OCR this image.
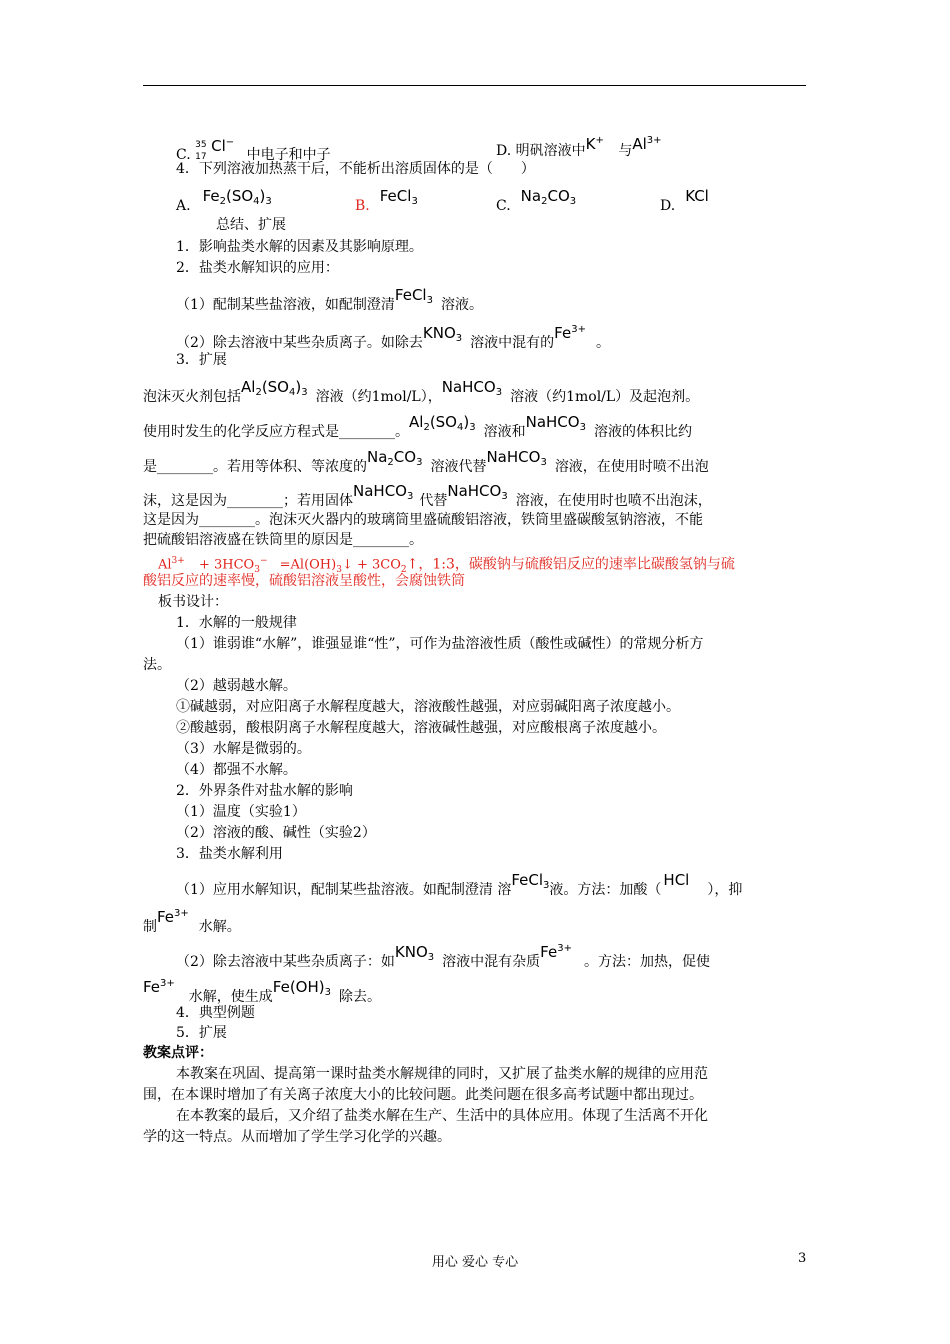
C.
35
17
Cl− 中电子和中子	D. 明矾溶液中K+ 与$Al^{3+}$
4．下列溶液加热蒸干后，不能析出溶质固体的是（　　）
$A.Fe_2(SO_4)_3$	B.FeCl$_3$	$C.Na_2CO_3$	D.KCl
总结、扩展
1．影响盐类水解的因素及其影响原理。
2．盐类水解知识的应用：
（1）配制某些盐溶液，如配制澄清FeCl$_3$ 溶液。
（2）除去溶液中某些杂质离子。如除去$KNO_3$ 溶液中混有的$Fe^{3+}$。
3．扩展
泡沫灭火剂包括$Al_2(SO_4)_3$ 溶液（约1mol/L），NaHCO$_3$ 溶液（约1mol/L）及起泡剂。
使用时发生的化学反应方程式是________。$Al_2(SO_4)_3$ 溶液和NaHCO$_3$ 溶液的体积比约
是________。若用等体积、等浓度的$Na_2CO_3$ 溶液代替NaHCO$_3$ 溶液，在使用时喷不出泡
沫，这是因为________；若用固体NaHCO$_3$ 代替NaHCO$_3$ 溶液，在使用时也喷不出泡沫，
这是因为________。泡沫灭火器内的玻璃筒里盛硫酸铝溶液，铁筒里盛碳酸氢钠溶液，不能
把硫酸铝溶液盛在铁筒里的原因是________。
$Al^{3+} + 3HCO_3^-$ $=Al(OH)_3↓$ + $3CO_2↑$，1:3，碳酸钠与硫酸铝反应的速率比碳酸氢钠与硫
酸铝反应的速率慢，硫酸铝溶液呈酸性，会腐蚀铁筒
板书设计：
1．水解的一般规律
（1）谁弱谁“水解”，谁强显谁“性”，可作为盐溶液性质（酸性或碱性）的常规分析方
法。
（2）越弱越水解。
①碱越弱，对应阳离子水解程度越大，溶液酸性越强，对应弱碱阳离子浓度越小。
②酸越弱，酸根阴离子水解程度越大，溶液碱性越强，对应酸根离子浓度越小。
（3）水解是微弱的。
（4）都强不水解。
2．外界条件对盐水解的影响
（1）温度（实验1）
（2）溶液的酸、碱性（实验2）
3．盐类水解利用
（1）应用水解知识，配制某些盐溶液。如配制澄清 溶FeCl$_3$液。方法：加酸（HCl），抑
制$Fe^{3+}$水解。
（2）除去溶液中某些杂质离子：如$KNO_3$ 溶液中混有杂质$Fe^{3+}$。方法：加热，促使
$Fe^{3+}$水解，使生成$Fe(OH)_3$ 除去。
4．典型例题
5．扩展
教案点评：
本教案在巩固、提高第一课时盐类水解规律的同时，又扩展了盐类水解的规律的应用范
围，在本课时增加了有关离子浓度大小的比较问题。此类问题在很多高考试题中都出现过。
在本教案的最后，又介绍了盐类水解在生产、生活中的具体应用。体现了生活离不开化
学的这一特点。从而增加了学生学习化学的兴趣。
用心 爱心 专心	3
